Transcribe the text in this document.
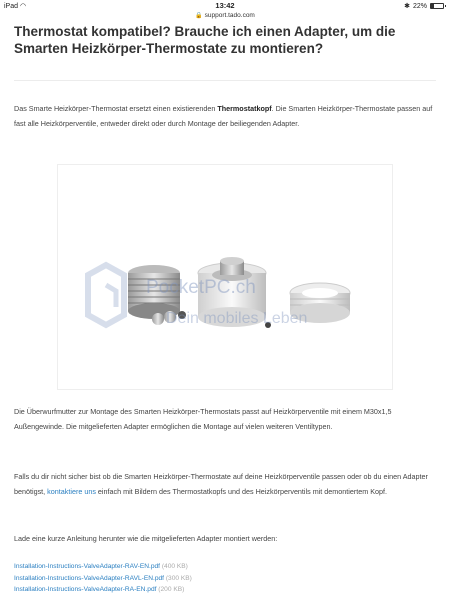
iPad ◠	13:42	✱ 22%
🔒 support.tado.com
Thermostat kompatibel? Brauche ich einen Adapter, um die Smarten Heizkörper-Thermostate zu montieren?

Das Smarte Heizkörper-Thermostat ersetzt einen existierenden Thermostatkopf. Die Smarten Heizkörper-Thermostate passen auf fast alle Heizkörperventile, entweder direkt oder durch Montage der beiliegenden Adapter.

PocketPC.ch
Dein mobiles Leben

Die Überwurfmutter zur Montage des Smarten Heizkörper-Thermostats passt auf Heizkörperventile mit einem M30x1,5 Außengewinde. Die mitgelieferten Adapter ermöglichen die Montage auf vielen weiteren Ventiltypen.

Falls du dir nicht sicher bist ob die Smarten Heizkörper-Thermostate auf deine Heizkörperventile passen oder ob du einen Adapter benötigst, kontaktiere uns einfach mit Bildern des Thermostatkopfs und des Heizkörperventils mit demontiertem Kopf.

Lade eine kurze Anleitung herunter wie die mitgelieferten Adapter montiert werden:

Installation-Instructions-ValveAdapter-RAV-EN.pdf (400 KB)
Installation-Instructions-ValveAdapter-RAVL-EN.pdf (300 KB)
Installation-Instructions-ValveAdapter-RA-EN.pdf (200 KB)
